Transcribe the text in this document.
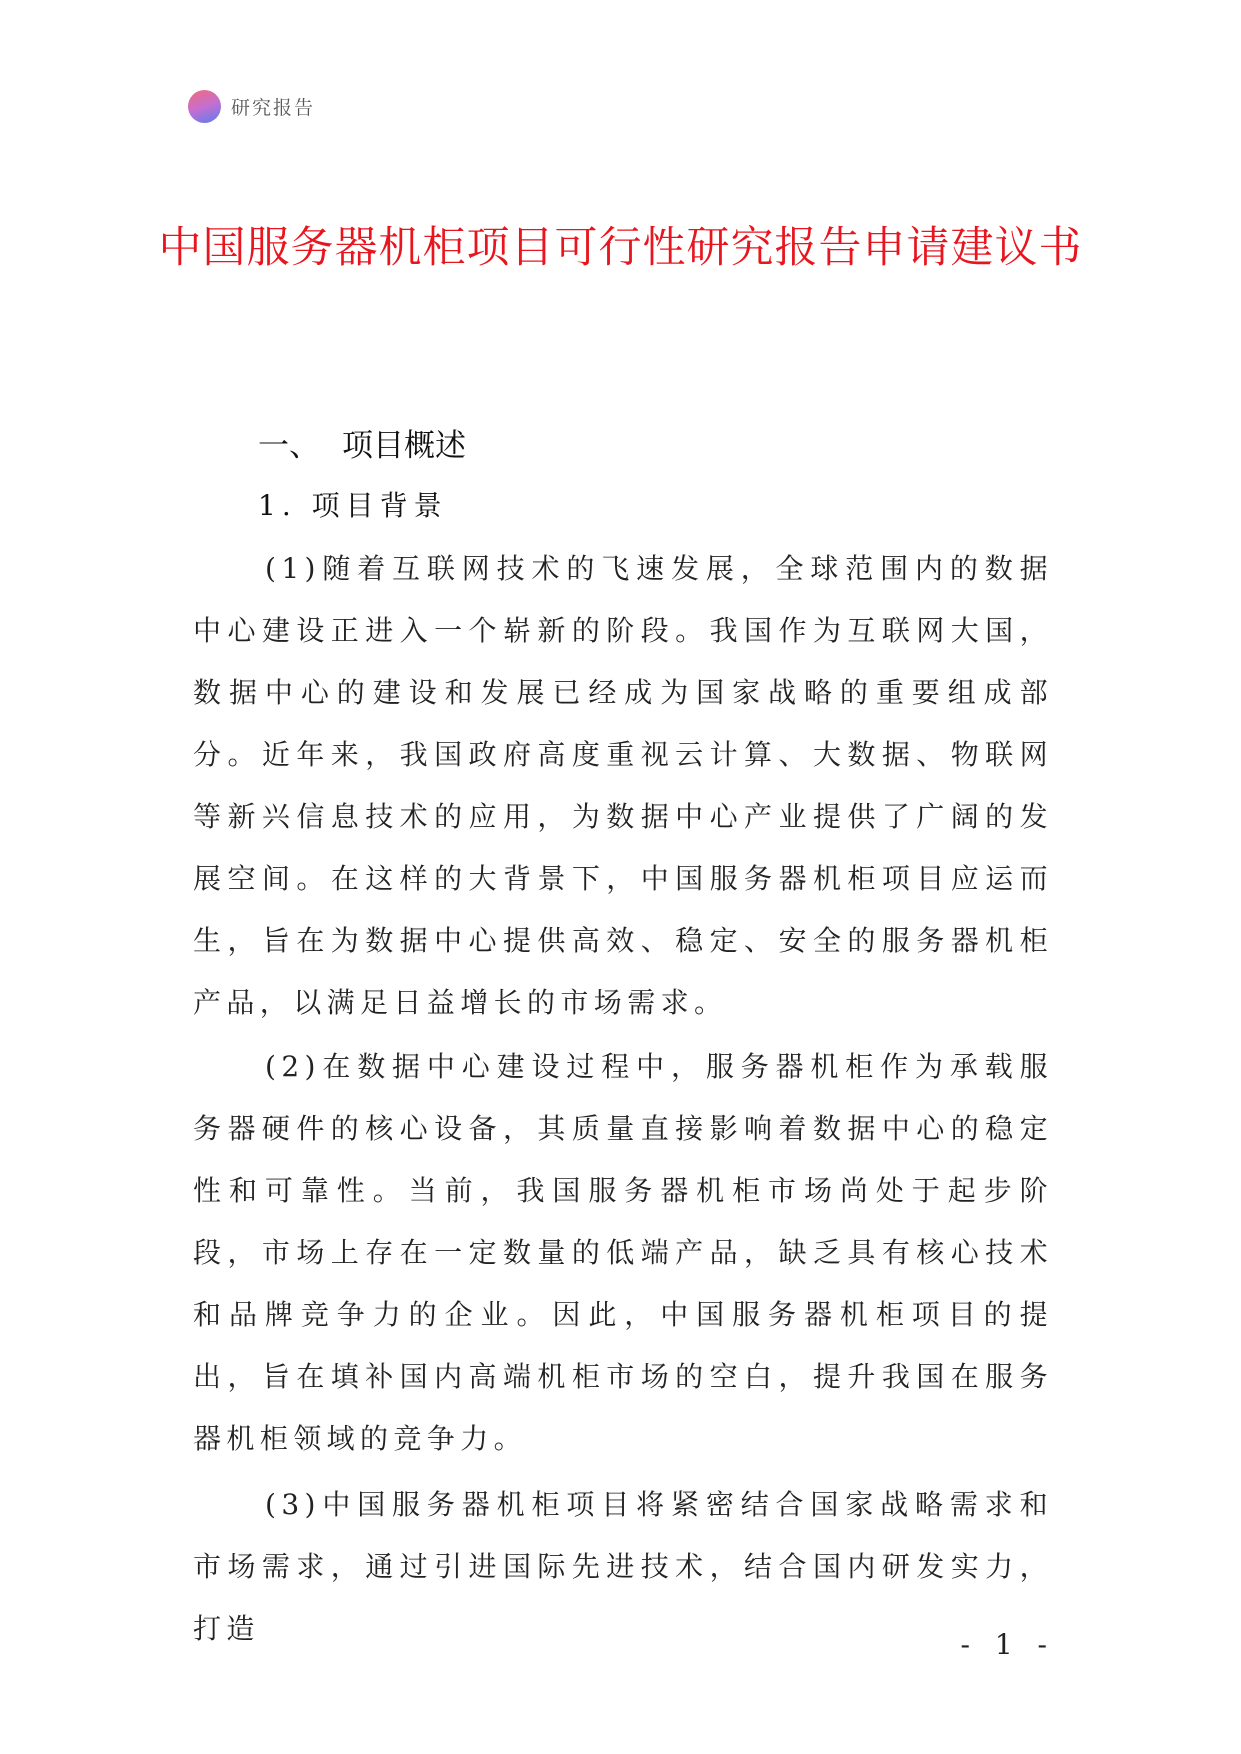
研究报告
中国服务器机柜项目可行性研究报告申请建议书
一、 项目概述
1. 项目背景

(1)随着互联网技术的飞速发展，全球范围内的数据中心建设正进入一个崭新的阶段。我国作为互联网大国，数据中心的建设和发展已经成为国家战略的重要组成部分。近年来，我国政府高度重视云计算、大数据、物联网等新兴信息技术的应用，为数据中心产业提供了广阔的发展空间。在这样的大背景下，中国服务器机柜项目应运而生，旨在为数据中心提供高效、稳定、安全的服务器机柜产品，以满足日益增长的市场需求。

(2)在数据中心建设过程中，服务器机柜作为承载服务器硬件的核心设备，其质量直接影响着数据中心的稳定性和可靠性。当前，我国服务器机柜市场尚处于起步阶段，市场上存在一定数量的低端产品，缺乏具有核心技术和品牌竞争力的企业。因此，中国服务器机柜项目的提出，旨在填补国内高端机柜市场的空白，提升我国在服务器机柜领域的竞争力。

(3)中国服务器机柜项目将紧密结合国家战略需求和市场需求，通过引进国际先进技术，结合国内研发实力，打造	- 1 -
